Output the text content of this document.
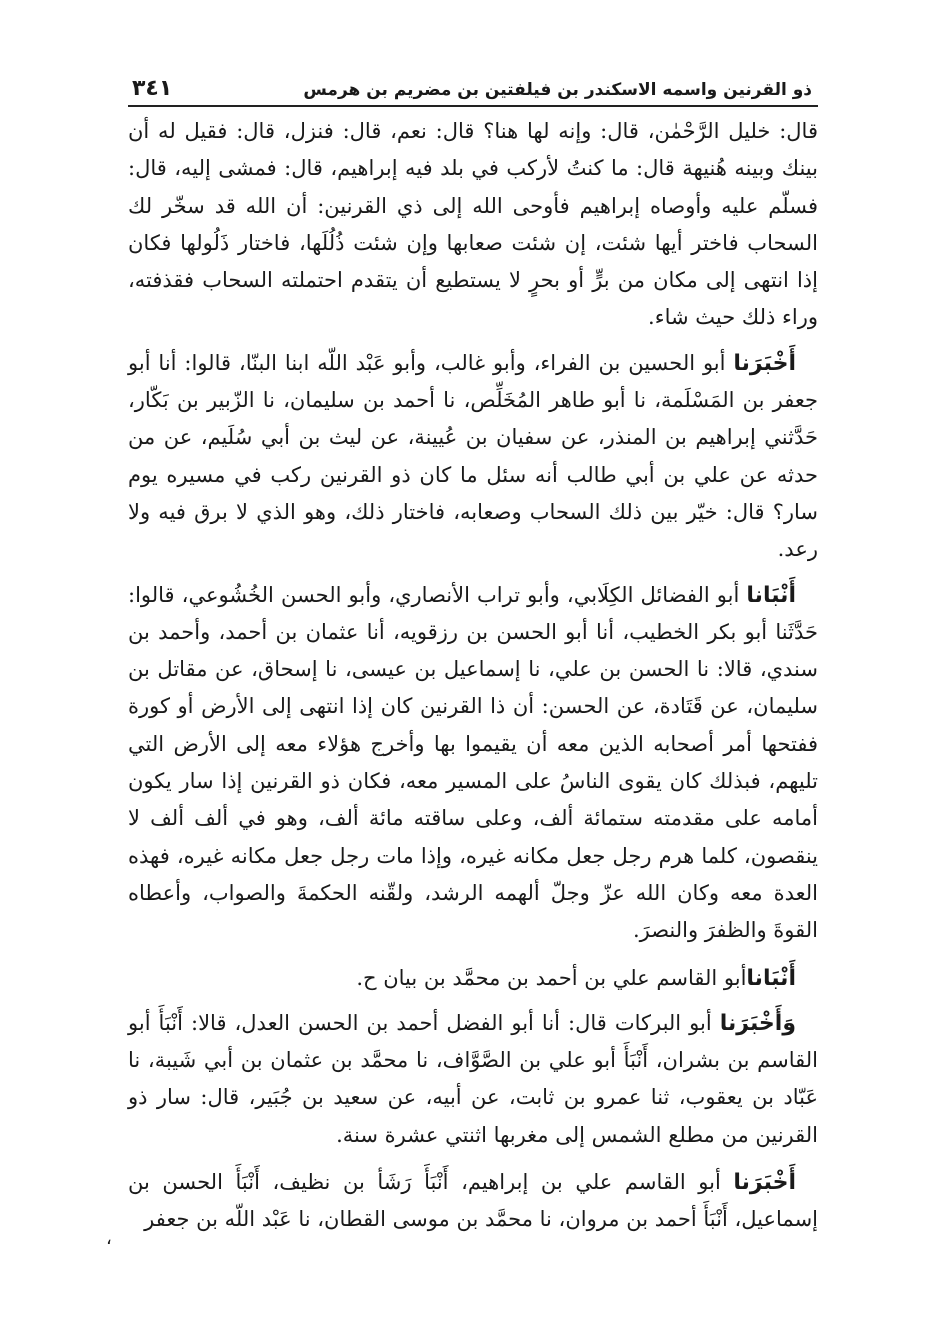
ذو القرنين واسمه الاسكندر بن فيلفتين بن مضريم بن هرمس
٣٤١

قال: خليل الرَّحْمٰن، قال: وإنه لها هنا؟ قال: نعم، قال: فنزل، قال: فقيل له أن بينك وبينه هُنيهة قال: ما كنتُ لأركب في بلد فيه إبراهيم، قال: فمشى إليه، قال: فسلّم عليه وأوصاه إبراهيم فأوحى الله إلى ذي القرنين: أن الله قد سخّر لك السحاب فاختر أيها شئت، إن شئت صعابها وإن شئت ذُلُلَها، فاختار ذَلُولها فكان إذا انتهى إلى مكان من برٍّ أو بحرٍ لا يستطيع أن يتقدم احتملته السحاب فقذفته، وراء ذلك حيث شاء.

أَخْبَرَنا أبو الحسين بن الفراء، وأبو غالب، وأبو عَبْد اللّه ابنا البنّا، قالوا: أنا أبو جعفر بن المَسْلَمة، نا أبو طاهر المُخَلِّص، نا أحمد بن سليمان، نا الزّبير بن بَكّار، حَدَّثني إبراهيم بن المنذر، عن سفيان بن عُيينة، عن ليث بن أبي سُلَيم، عن من حدثه عن علي بن أبي طالب أنه سئل ما كان ذو القرنين ركب في مسيره يوم سار؟ قال: خيّر بين ذلك السحاب وصعابه، فاختار ذلك، وهو الذي لا برق فيه ولا رعد.

أَنْبَانا أبو الفضائل الكِلَابي، وأبو تراب الأنصاري، وأبو الحسن الخُشُوعي، قالوا: حَدَّثَنا أبو بكر الخطيب، أنا أبو الحسن بن رزقويه، أنا عثمان بن أحمد، وأحمد بن سندي، قالا: نا الحسن بن علي، نا إسماعيل بن عيسى، نا إسحاق، عن مقاتل بن سليمان، عن قَتَادة، عن الحسن: أن ذا القرنين كان إذا انتهى إلى الأرض أو كورة ففتحها أمر أصحابه الذين معه أن يقيموا بها وأخرج هؤلاء معه إلى الأرض التي تليهم، فبذلك كان يقوى الناسُ على المسير معه، فكان ذو القرنين إذا سار يكون أمامه على مقدمته ستمائة ألف، وعلى ساقته مائة ألف، وهو في ألف ألف لا ينقصون، كلما هرم رجل جعل مكانه غيره، وإذا مات رجل جعل مكانه غيره، فهذه العدة معه وكان الله عزّ وجلّ ألهمه الرشد، ولقّنه الحكمةَ والصواب، وأعطاه القوةَ والظفرَ والنصرَ.

أَنْبَاناأبو القاسم علي بن أحمد بن محمَّد بن بيان ح.

وَأَخْبَرَنا أبو البركات قال: أنا أبو الفضل أحمد بن الحسن العدل، قالا: أَنْبَأَ أبو القاسم بن بشران، أَنْبَأَ أبو علي بن الصَّوَّاف، نا محمَّد بن عثمان بن أبي شَيبة، نا عَبّاد بن يعقوب، ثنا عمرو بن ثابت، عن أبيه، عن سعيد بن جُبَير، قال: سار ذو القرنين من مطلع الشمس إلى مغربها اثنتي عشرة سنة.

أَخْبَرَنا أبو القاسم علي بن إبراهيم، أَنْبَأَ رَشَأ بن نظيف، أَنْبَأَ الحسن بن إسماعيل، أَنْبَأَ أحمد بن مروان، نا محمَّد بن موسى القطان، نا عَبْد اللّه بن جعفر

،
